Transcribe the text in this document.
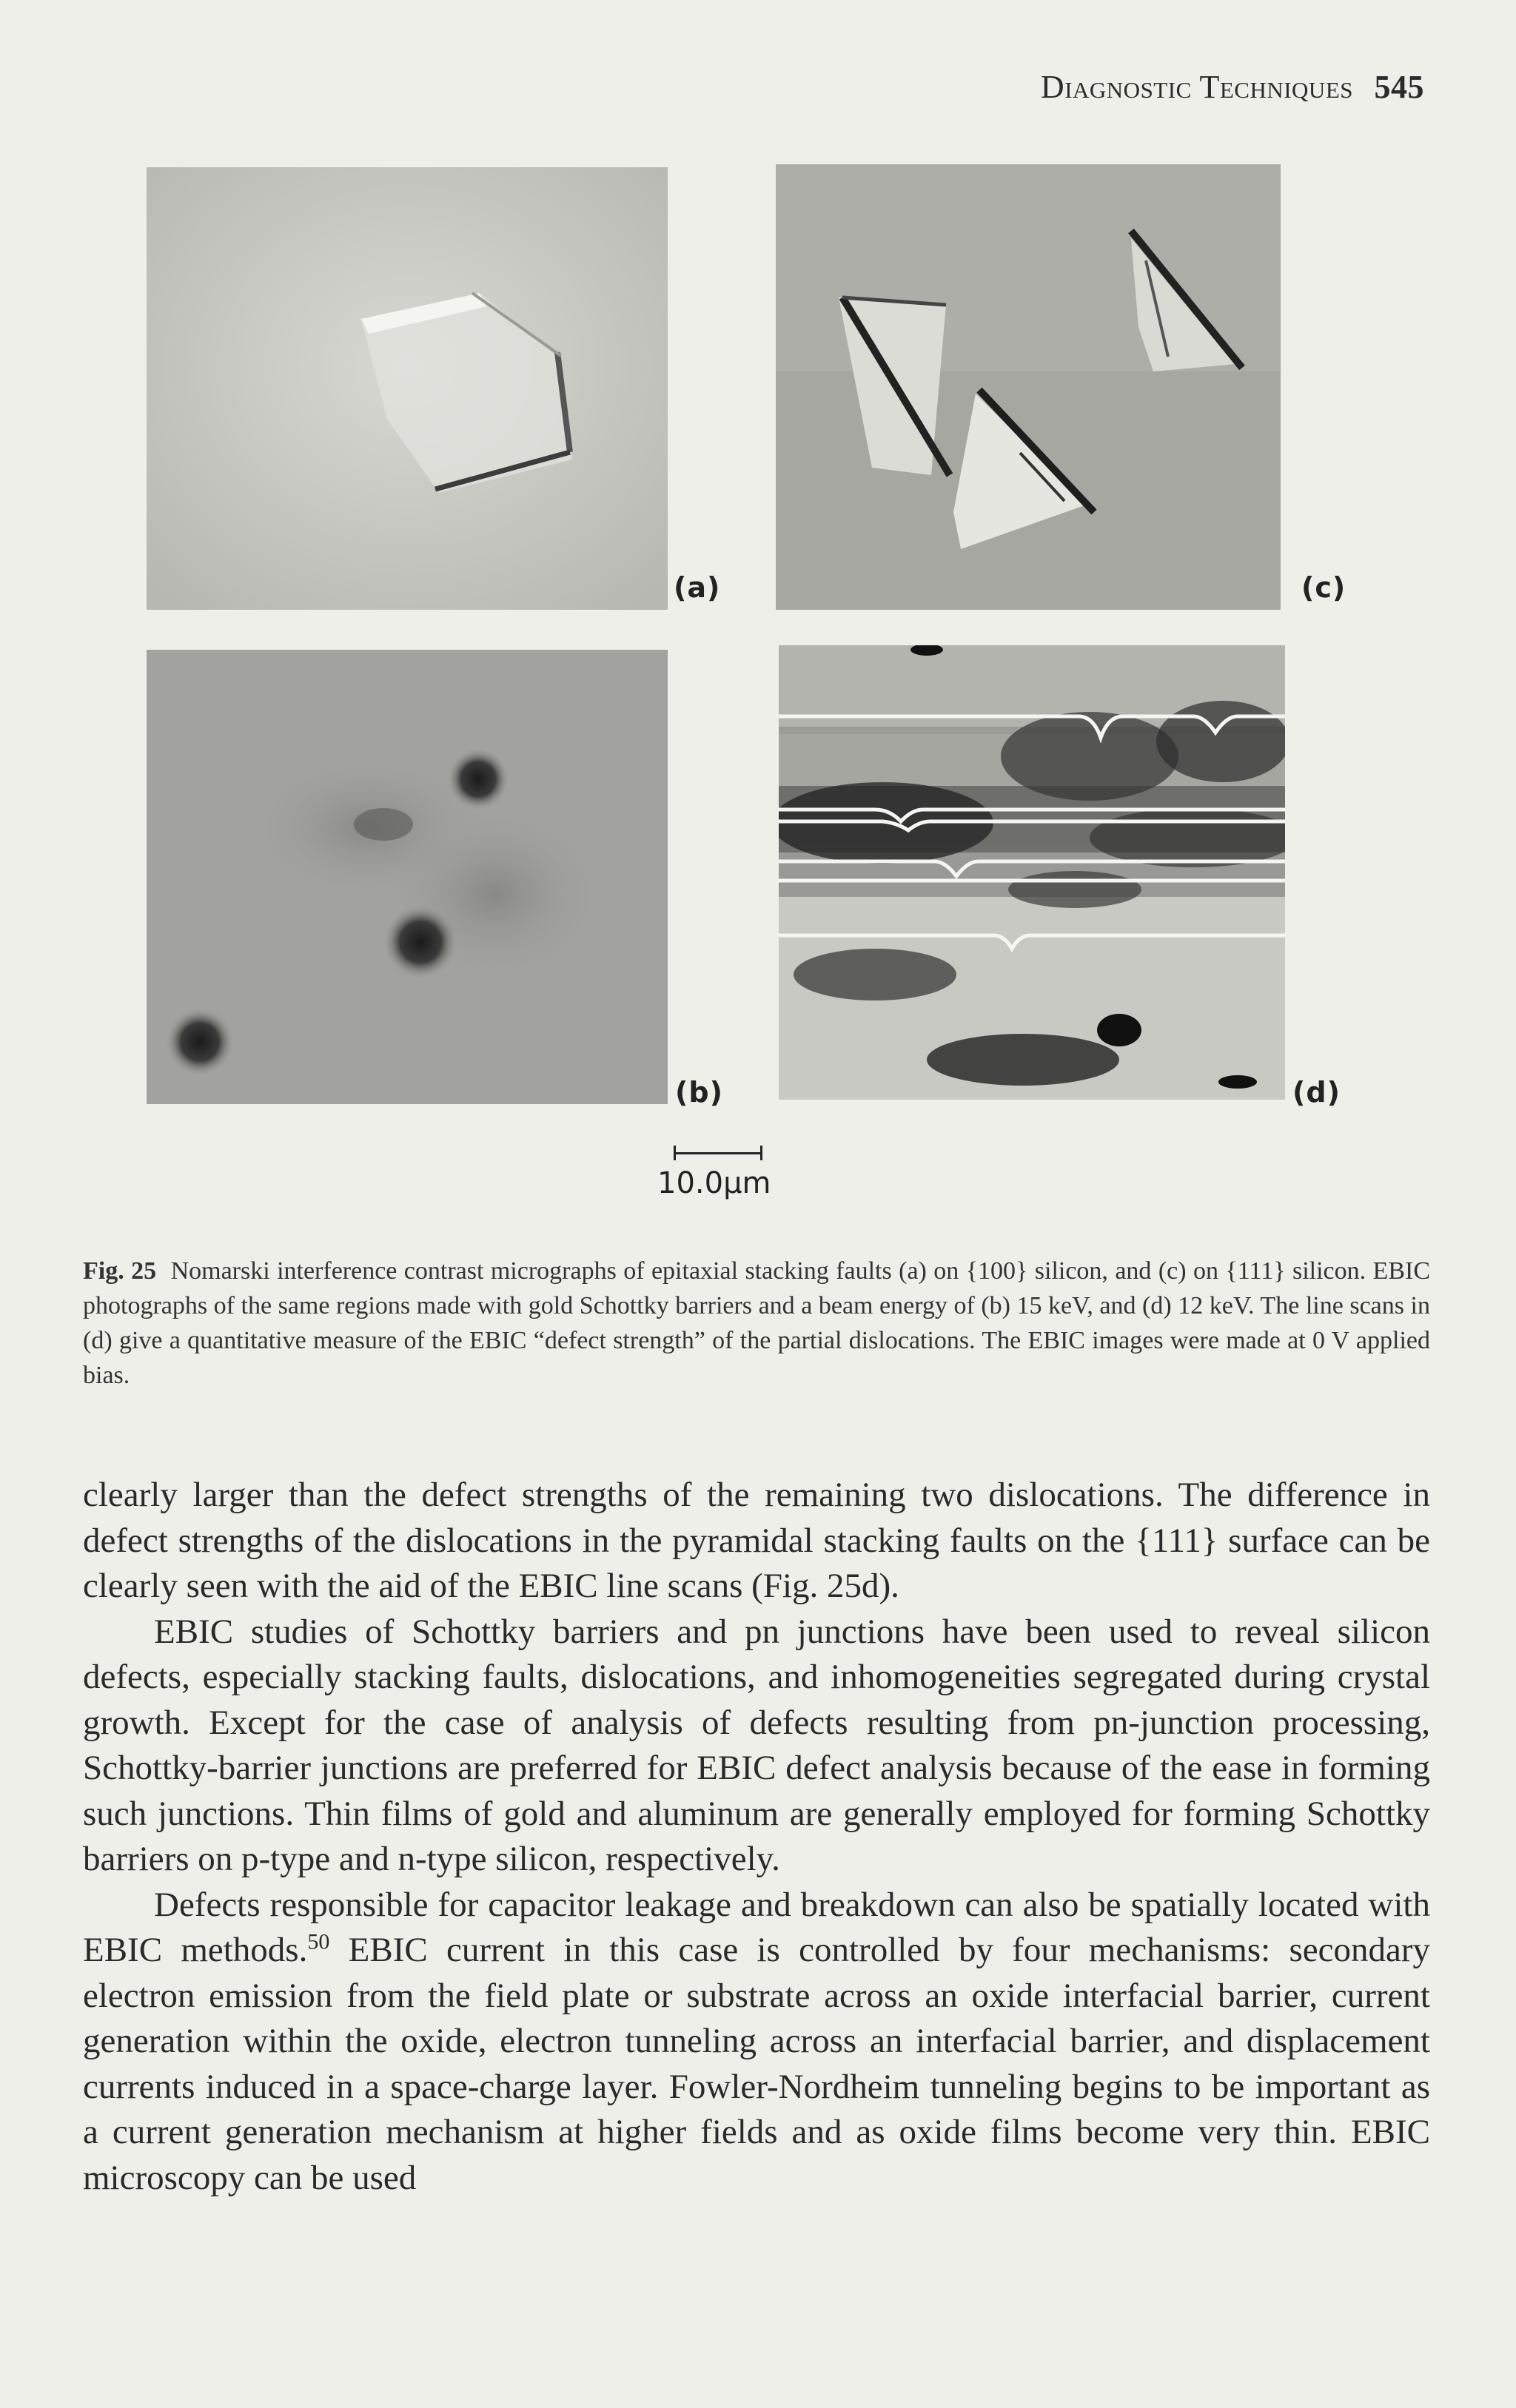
Diagnostic Techniques 545
(a)	(c)
(b)	(d)
10.0μm
Fig. 25 Nomarski interference contrast micrographs of epitaxial stacking faults (a) on {100} silicon, and (c) on {111} silicon. EBIC photographs of the same regions made with gold Schottky barriers and a beam energy of (b) 15 keV, and (d) 12 keV. The line scans in (d) give a quantitative measure of the EBIC “defect strength” of the partial dislocations. The EBIC images were made at 0 V applied bias.

clearly larger than the defect strengths of the remaining two dislocations. The difference in defect strengths of the dislocations in the pyramidal stacking faults on the {111} surface can be clearly seen with the aid of the EBIC line scans (Fig. 25d).

EBIC studies of Schottky barriers and pn junctions have been used to reveal silicon defects, especially stacking faults, dislocations, and inhomogeneities segregated during crystal growth. Except for the case of analysis of defects resulting from pn-junction processing, Schottky-barrier junctions are preferred for EBIC defect analysis because of the ease in forming such junctions. Thin films of gold and aluminum are generally employed for forming Schottky barriers on p-type and n-type silicon, respectively.

Defects responsible for capacitor leakage and breakdown can also be spatially located with EBIC methods.$^{50}$ EBIC current in this case is controlled by four mechanisms: secondary electron emission from the field plate or substrate across an oxide interfacial barrier, current generation within the oxide, electron tunneling across an interfacial barrier, and displacement currents induced in a space-charge layer. Fowler-Nordheim tunneling begins to be important as a current generation mechanism at higher fields and as oxide films become very thin. EBIC microscopy can be used
